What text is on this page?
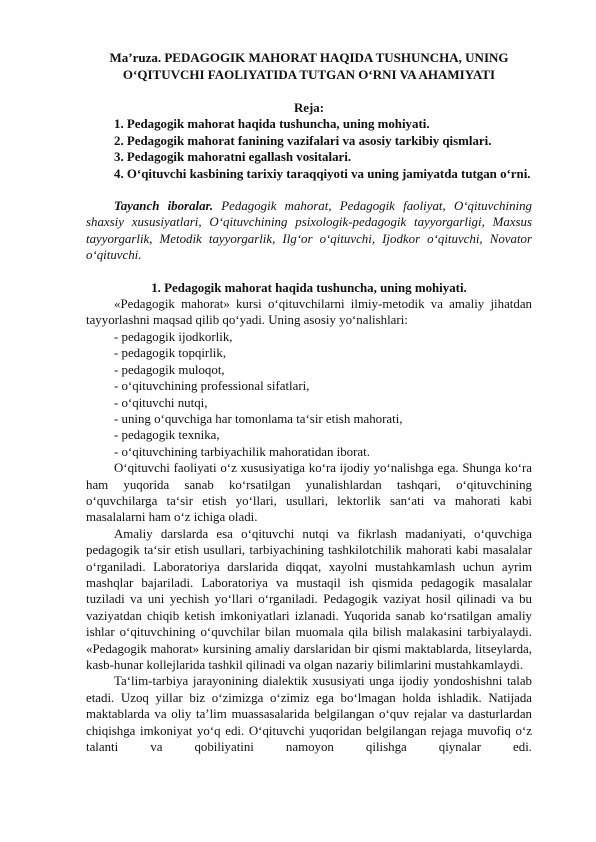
Ma’ruza. PEDAGOGIK MAHORAT HAQIDA TUSHUNCHA, UNING
O‘QITUVCHI FAOLIYATIDA TUTGAN O‘RNI VA AHAMIYATI
Reja:

1. Pedagogik mahorat haqida tushuncha, uning mohiyati.

2. Pedagogik mahorat fanining vazifalari va asosiy tarkibiy qismlari.

3. Pedagogik mahoratni egallash vositalari.

4. O‘qituvchi kasbining tarixiy taraqqiyoti va uning jamiyatda tutgan o‘rni.

Tayanch iboralar. Pedagogik mahorat, Pedagogik faoliyat, O‘qituvchining shaxsiy xususiyatlari, O‘qituvchining psixologik-pedagogik tayyorgarligi, Maxsus tayyorgarlik, Metodik tayyorgarlik, Ilg‘or o‘qituvchi, Ijodkor o‘qituvchi, Novator o‘qituvchi.

1. Pedagogik mahorat haqida tushuncha, uning mohiyati.

«Pedagogik mahorat» kursi o‘qituvchilarni ilmiy-metodik va amaliy jihatdan tayyorlashni maqsad qilib qo‘yadi. Uning asosiy yo‘nalishlari:

- pedagogik ijodkorlik,

- pedagogik topqirlik,

- pedagogik muloqot,

- o‘qituvchining professional sifatlari,

- o‘qituvchi nutqi,

- uning o‘quvchiga har tomonlama ta‘sir etish mahorati,

- pedagogik texnika,

- o‘qituvchining tarbiyachilik mahoratidan iborat.

O‘qituvchi faoliyati o‘z xususiyatiga ko‘ra ijodiy yo‘nalishga ega. Shunga ko‘ra ham yuqorida sanab ko‘rsatilgan yunalishlardan tashqari, o‘qituvchining o‘quvchilarga ta‘sir etish yo‘llari, usullari, lektorlik san‘ati va mahorati kabi masalalarni ham o‘z ichiga oladi.

Amaliy darslarda esa o‘qituvchi nutqi va fikrlash madaniyati, o‘quvchiga pedagogik ta‘sir etish usullari, tarbiyachining tashkilotchilik mahorati kabi masalalar o‘rganiladi. Laboratoriya darslarida diqqat, xayolni mustahkamlash uchun ayrim mashqlar bajariladi. Laboratoriya va mustaqil ish qismida pedagogik masalalar tuziladi va uni yechish yo‘llari o‘rganiladi. Pedagogik vaziyat hosil qilinadi va bu vaziyatdan chiqib ketish imkoniyatlari izlanadi. Yuqorida sanab ko‘rsatilgan amaliy ishlar o‘qituvchining o‘quvchilar bilan muomala qila bilish malakasini tarbiyalaydi. «Pedagogik mahorat» kursining amaliy darslaridan bir qismi maktablarda, litseylarda, kasb-hunar kollejlarida tashkil qilinadi va olgan nazariy bilimlarini mustahkamlaydi.

Ta‘lim-tarbiya jarayonining dialektik xususiyati unga ijodiy yondoshishni talab etadi. Uzoq yillar biz o‘zimizga o‘zimiz ega bo‘lmagan holda ishladik. Natijada maktablarda va oliy ta’lim muassasalarida belgilangan o‘quv rejalar va dasturlardan chiqishga imkoniyat yo‘q edi. O‘qituvchi yuqoridan belgilangan rejaga muvofiq o‘z talanti va qobiliyatini namoyon qilishga qiynalar edi.
